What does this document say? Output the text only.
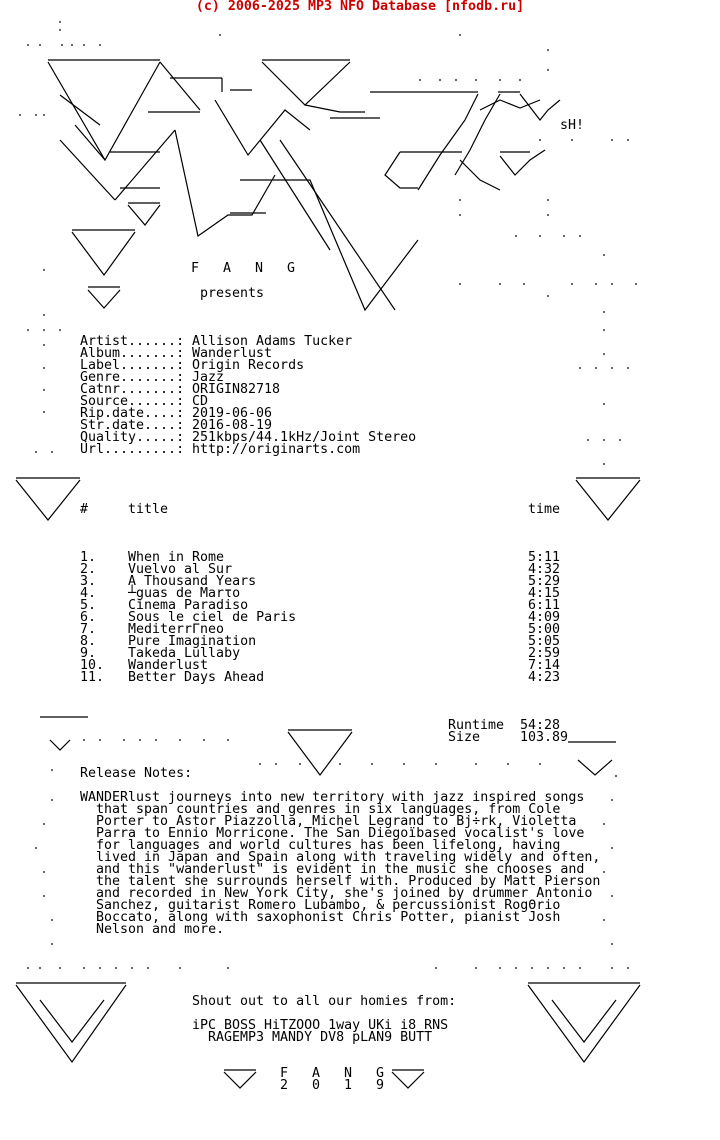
(c) 2006-2025 MP3 NFO Database [nfodb.ru]
F A N G
presents
sH!
Artist......: Allison Adams Tucker
Album.......: Wanderlust
Label.......: Origin Records
Genre.......: Jazz
Catnr.......: ORIGIN82718
Source......: CD
Rip.date....: 2019-06-06
Str.date....: 2016-08-19
Quality.....: 251kbps/44.1kHz/Joint Stereo
Url.........: http://originarts.com
#	title	time
1. When in Rome	5:11
2. Vuelvo al Sur	4:32
3. A Thousand Years	5:29
4. ┴guas de Marτo	4:15
5. Cinema Paradiso	6:11
6. Sous le ciel de Paris	4:09
7. MediterrΓneo	5:00
8. Pure Imagination	5:05
9. Takeda Lullaby	2:59
10. Wanderlust	7:14
11. Better Days Ahead	4:23
Runtime 54:28
Size	103.89
Release Notes:
WANDERlust journeys into new territory with jazz inspired songs
that span countries and genres in six languages, from Cole
Porter to Astor Piazzolla, Michel Legrand to Bj÷rk, Violetta
Parra to Ennio Morricone. The San Diegoïbased vocalist's love
for languages and world cultures has been lifelong, having
lived in Japan and Spain along with traveling widely and often,
and this "wanderlust" is evident in the music she chooses and
the talent she surrounds herself with. Produced by Matt Pierson
and recorded in New York City, she's joined by drummer Antonio
Sanchez, guitarist Romero Lubambo, & percussionist RogΘrio
Boccato, along with saxophonist Chris Potter, pianist Josh
Nelson and more.
Shout out to all our homies from:
iPC BOSS HiTZOOO 1way UKi i8 RNS
RAGEMP3 MANDY DV8 pLAN9 BUTT
F A N G
2 0 1 9
